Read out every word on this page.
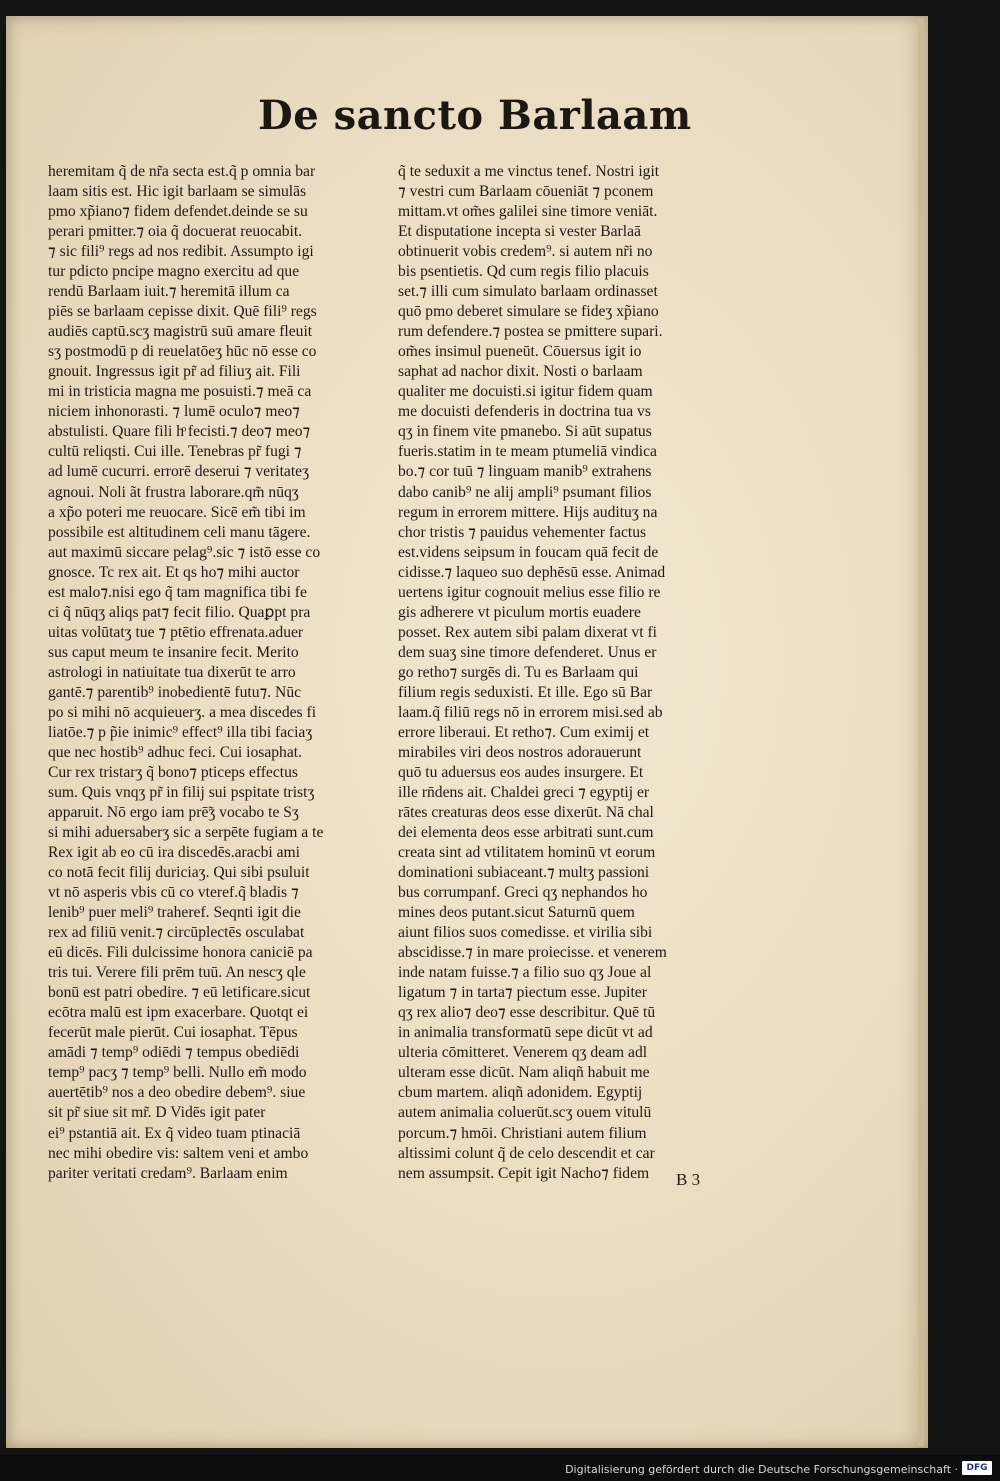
De sancto Barlaam
heremitam q̃ de nr̃a secta est.q̃ p omnia bar
laam sitis est. Hic igit barlaam se simulās
pmo xp̃iano⁊ fidem defendet.deinde se su
perari pmitter.⁊ oia q̃ docuerat reuocabit.
⁊ sic fili⁹ regs ad nos redibit. Assumpto igi
tur pdicto pncipe magno exercitu ad que
rendū Barlaam iuit.⁊ heremitā illum ca
piēs se barlaam cepisse dixit. Quē fili⁹ regs
audiēs captū.scʒ magistrū suū amare fleuit
sʒ postmodū p di reuelatōeʒ hūc nō esse co
gnouit. Ingressus igit pr̃ ad filiuʒ ait. Fili
mi in tristicia magna me posuisti.⁊ meā ca
niciem inhonorasti. ⁊ lumē oculo⁊ meo⁊
abstulisti. Quare fili hͦ fecisti.⁊ deo⁊ meo⁊
cultū reliqsti. Cui ille. Tenebras pr̃ fugi ⁊
ad lumē cucurri. errorē deserui ⁊ veritateʒ
agnoui. Noli ãt frustra laborare.qm̃ nūqʒ
a xp̃o poteri me reuocare. Sicē em̃ tibi im
possibile est altitudinem celi manu tāgere.
aut maximū siccare pelag⁹.sic ⁊ istō esse co
gnosce. Tc rex ait. Et qs ho⁊ mihi auctor
est malo⁊.nisi ego q̃ tam magnifica tibi fe
ci q̃ nūqʒ aliqs pat⁊ fecit filio. Quaꝑpt pra
uitas volūtatʒ tue ⁊ ptētio effrenata.aduer
sus caput meum te insanire fecit. Merito
astrologi in natiuitate tua dixerūt te arro
gantē.⁊ parentib⁹ inobedientē futu⁊. Nūc
po si mihi nō acquieuerʒ. a mea discedes fi
liatōe.⁊ p p̃ie inimic⁹ effect⁹ illa tibi faciaʒ
que nec hostib⁹ adhuc feci. Cui iosaphat.
Cur rex tristarʒ q̃ bono⁊ pticeps effectus
sum. Quis vnqʒ pr̃ in filij sui pspitate tristʒ
apparuit. Nō ergo iam prē̃ʒ vocabo te Sʒ
si mihi aduersaberʒ sic a serpēte fugiam a te
Rex igit ab eo cū ira discedēs.aracbi ami
co notā fecit filij duriciaʒ. Qui sibi psuluit
vt nō asperis vbis cū co vteref.q̃ bladis ⁊
lenib⁹ puer meli⁹ traheref. Seqnti igit die
rex ad filiū venit.⁊ circūplectēs osculabat
eū dicēs. Fili dulcissime honora caniciē pa
tris tui. Verere fili prēm tuū. An nescʒ qle
bonū est patri obedire. ⁊ eū letificare.sicut
ecōtra malū est ipm exacerbare. Quotqt ei
fecerūt male pierūt. Cui iosaphat. Tēpus
amādi ⁊ temp⁹ odiēdi ⁊ tempus obediēdi
temp⁹ pacʒ ⁊ temp⁹ belli. Nullo em̃ modo
auertētib⁹ nos a deo obedire debem⁹. siue
sit pr̃ siue sit mr̃. D Vidēs igit pater
ei⁹ pstantiā ait. Ex q̃ video tuam ptinaciā
nec mihi obedire vis: saltem veni et ambo
pariter veritati credam⁹. Barlaam enim
q̃ te seduxit a me vinctus tenef. Nostri igit
⁊ vestri cum Barlaam cōueniāt ⁊ pconem
mittam.vt om̃es galilei sine timore veniāt.
Et disputatione incepta si vester Barlaā
obtinuerit vobis credem⁹. si autem nr̃i no
bis psentietis. Qd cum regis filio placuis
set.⁊ illi cum simulato barlaam ordinasset
quō pmo deberet simulare se fideʒ xp̃iano
rum defendere.⁊ postea se pmittere supari.
om̃es insimul pueneūt. Cōuersus igit io
saphat ad nachor dixit. Nosti o barlaam
qualiter me docuisti.si igitur fidem quam
me docuisti defenderis in doctrina tua vs
qʒ in finem vite pmanebo. Si aūt supatus
fueris.statim in te meam ptumeliā vindica
bo.⁊ cor tuū ⁊ linguam manib⁹ extrahens
dabo canib⁹ ne alij ampli⁹ psumant filios
regum in errorem mittere. Hijs audituʒ na
chor tristis ⁊ pauidus vehementer factus
est.videns seipsum in foucam quā fecit de
cidisse.⁊ laqueo suo dephēsū esse. Animad
uertens igitur cognouit melius esse filio re
gis adherere vt piculum mortis euadere
posset. Rex autem sibi palam dixerat vt fi
dem suaʒ sine timore defenderet. Unus er
go retho⁊ surgēs di. Tu es Barlaam qui
filium regis seduxisti. Et ille. Ego sū Bar
laam.q̃ filiū regs nō in errorem misi.sed ab
errore liberaui. Et retho⁊. Cum eximij et
mirabiles viri deos nostros adorauerunt
quō tu aduersus eos audes insurgere. Et
ille rn̄dens ait. Chaldei greci ⁊ egyptij er
rātes creaturas deos esse dixerūt. Nā chal
dei elementa deos esse arbitrati sunt.cum
creata sint ad vtilitatem hominū vt eorum
dominationi subiaceant.⁊ multʒ passioni
bus corrumpanf. Greci qʒ nephandos ho
mines deos putant.sicut Saturnū quem
aiunt filios suos comedisse. et virilia sibi
abscidisse.⁊ in mare proiecisse. et venerem
inde natam fuisse.⁊ a filio suo qʒ Joue al
ligatum ⁊ in tarta⁊ piectum esse. Jupiter
qʒ rex alio⁊ deo⁊ esse describitur. Quē tū
in animalia transformatū sepe dicūt vt ad
ulteria cōmitteret. Venerem qʒ deam adl
ulteram esse dicūt. Nam aliqñ habuit me
cbum martem. aliqñ adonidem. Egyptij
autem animalia coluerūt.scʒ ouem vitulū
porcum.⁊ hmōi. Christiani autem filium
altissimi colunt q̃ de celo descendit et car
nem assumpsit. Cepit igit Nacho⁊ fidem	B 3
Digitalisierung gefördert durch die Deutsche Forschungsgemeinschaft · DFG
